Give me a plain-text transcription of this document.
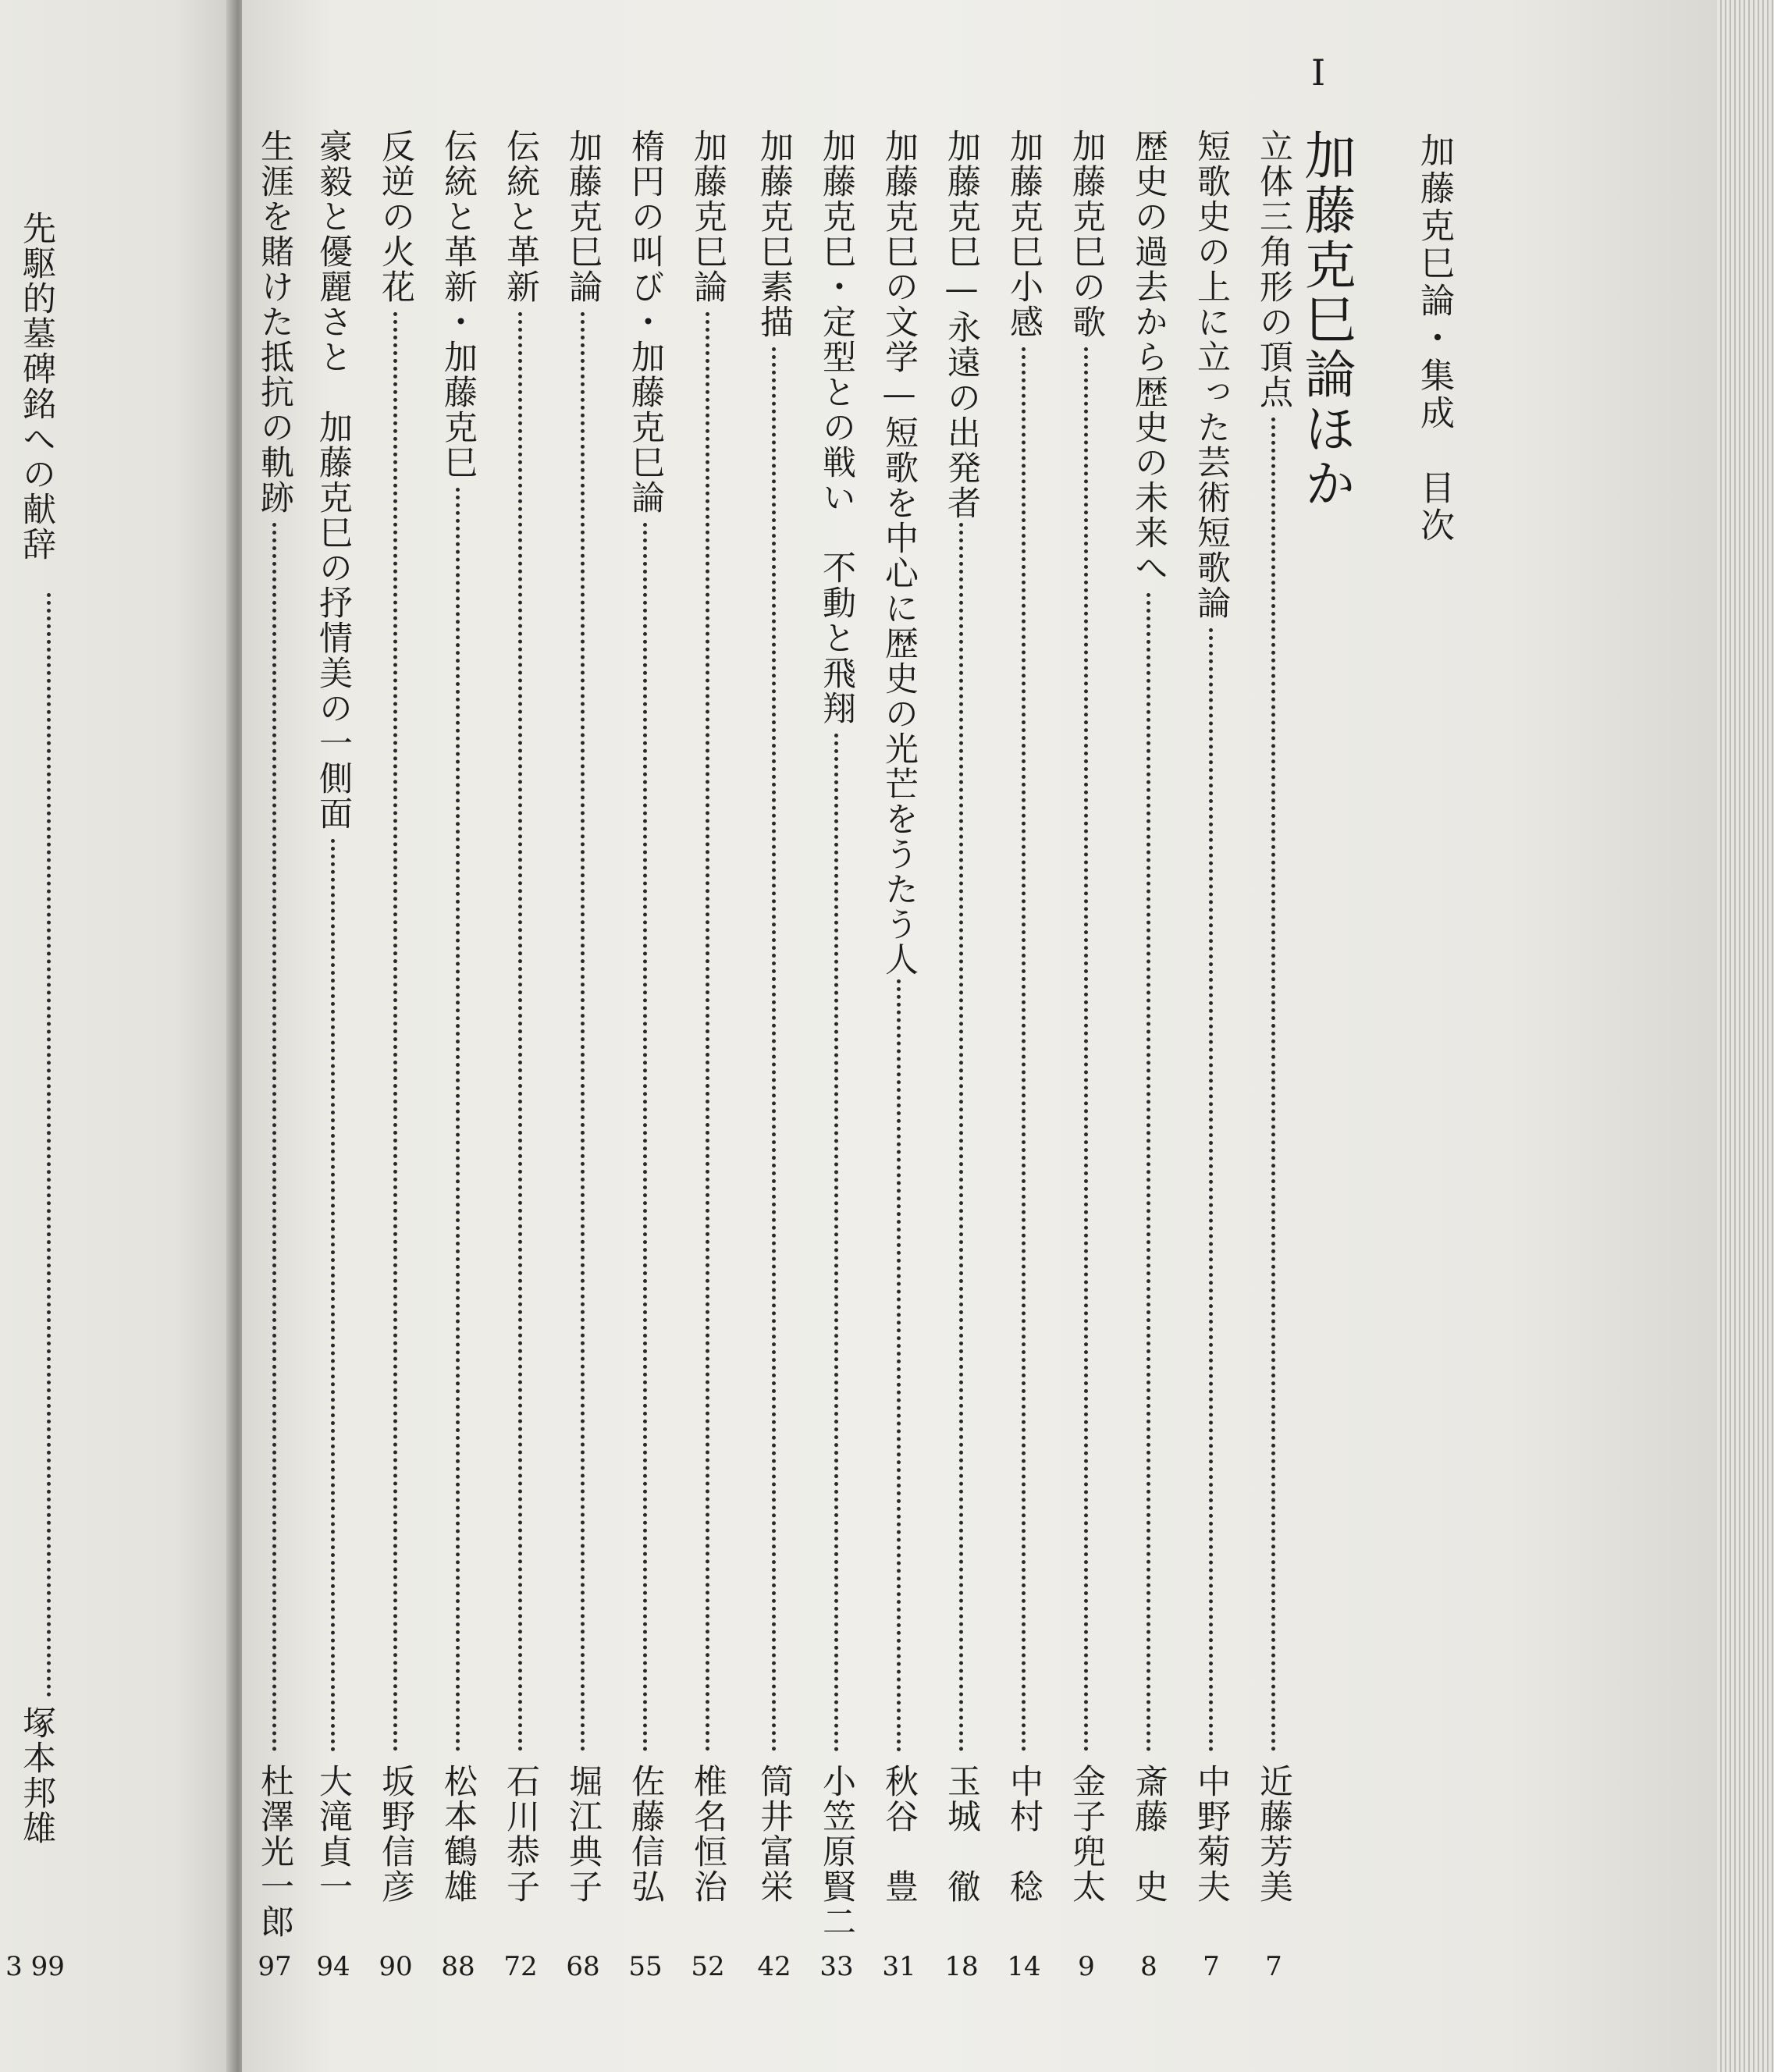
先駆的墓碑銘への献辞
塚本邦雄
3 99
加藤克巳論・集成　目次
I
加藤克巳論ほか
立体三角形の頂点
近藤芳美
7
短歌史の上に立った芸術短歌論
中野菊夫
7
歴史の過去から歴史の未来へ
斎藤　史
8
加藤克巳の歌
金子兜太
9
加藤克巳小感
中村　稔
14
加藤克巳—永遠の出発者
玉城　徹
18
加藤克巳の文学—短歌を中心に歴史の光芒をうたう人
秋谷　豊
31
加藤克巳・定型との戦い　不動と飛翔
小笠原賢二
33
加藤克巳素描
筒井富栄
42
加藤克巳論
椎名恒治
52
楕円の叫び・加藤克巳論
佐藤信弘
55
加藤克巳論
堀江典子
68
伝統と革新
石川恭子
72
伝統と革新・加藤克巳
松本鶴雄
88
反逆の火花
坂野信彦
90
豪毅と優麗さと　加藤克巳の抒情美の一側面
大滝貞一
94
生涯を賭けた抵抗の軌跡
杜澤光一郎
97
